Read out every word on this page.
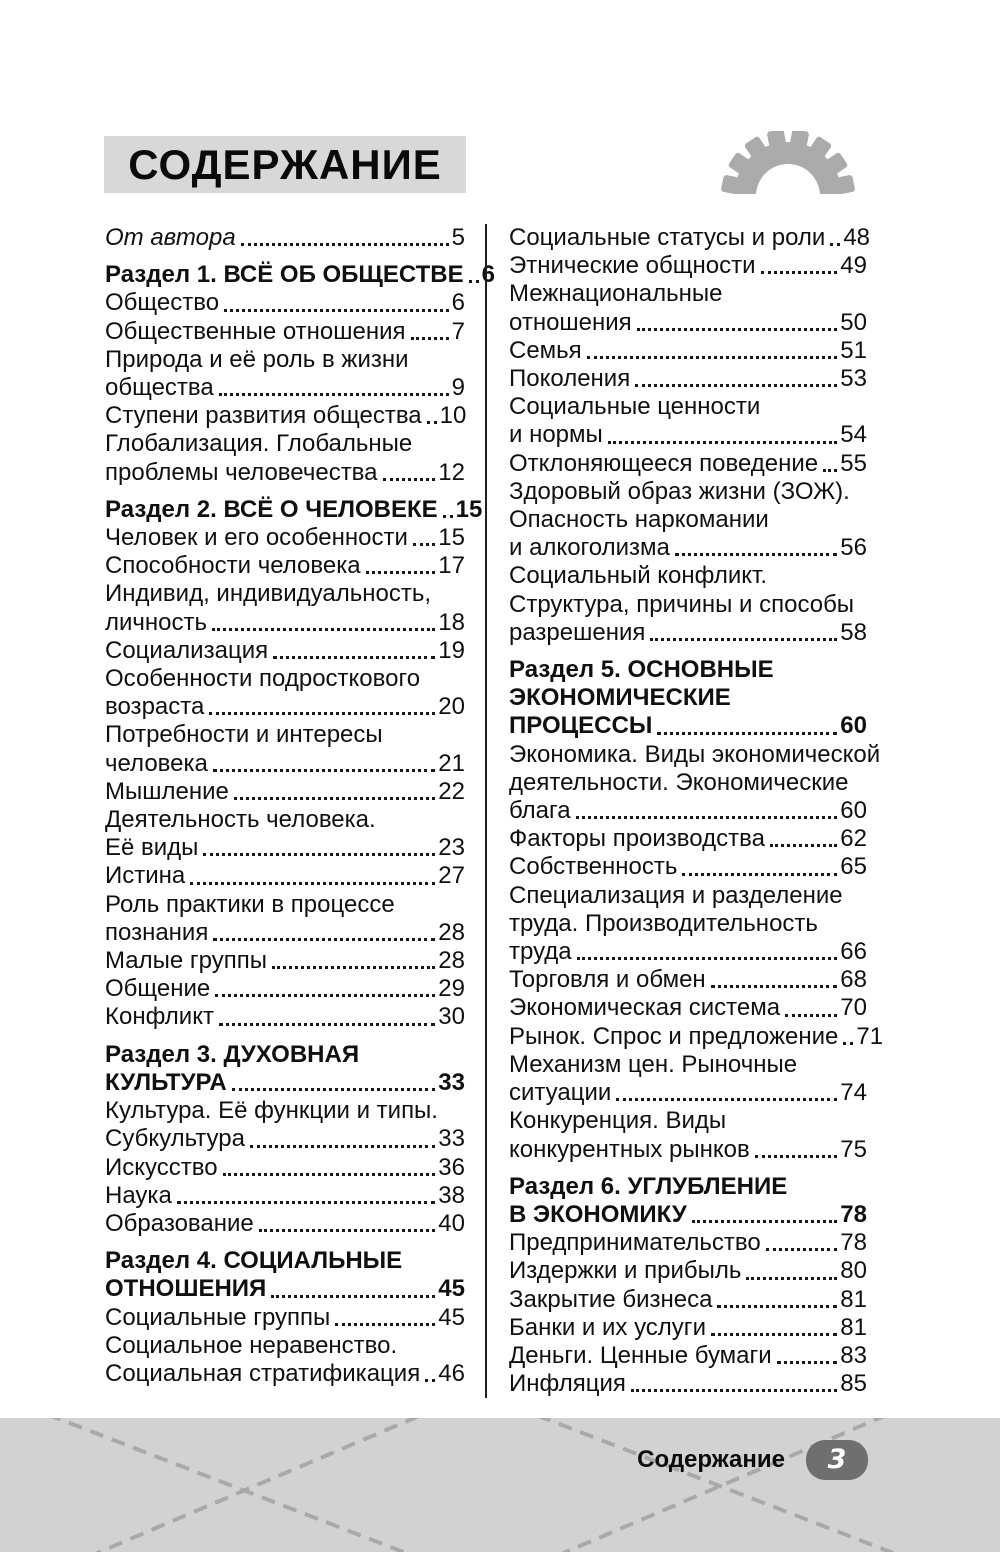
СОДЕРЖАНИЕ
От автора	5
Раздел 1. ВСЁ ОБ ОБЩЕСТВЕ 6
Общество	6
Общественные отношения 7
Природа и её роль в жизни
общества	9
Ступени развития общества 10
Глобализация. Глобальные
проблемы человечества	12
Раздел 2. ВСЁ О ЧЕЛОВЕКЕ 15
Человек и его особенности 15
Способности человека	17
Индивид, индивидуальность,
личность	18
Социализация	19
Особенности подросткового
возраста	20
Потребности и интересы
человека	21
Мышление	22
Деятельность человека.
Её виды	23
Истина	27
Роль практики в процессе
познания	28
Малые группы	28
Общение	29
Конфликт	30
Раздел 3. ДУХОВНАЯ
КУЛЬТУРА	33
Культура. Её функции и типы.
Субкультура	33
Искусство	36
Наука	38
Образование	40
Раздел 4. СОЦИАЛЬНЫЕ
ОТНОШЕНИЯ	45
Социальные группы	45
Социальное неравенство.
Социальная стратификация 46
Социальные статусы и роли 48
Этнические общности	49
Межнациональные
отношения	50
Семья	51
Поколения	53
Социальные ценности
и нормы	54
Отклоняющееся поведение 55
Здоровый образ жизни (ЗОЖ).
Опасность наркомании
и алкоголизма	56
Социальный конфликт.
Структура, причины и способы
разрешения	58
Раздел 5. ОСНОВНЫЕ
ЭКОНОМИЧЕСКИЕ
ПРОЦЕССЫ	60
Экономика. Виды экономической
деятельности. Экономические
блага	60
Факторы производства	62
Собственность	65
Специализация и разделение
труда. Производительность
труда	66
Торговля и обмен	68
Экономическая система	70
Рынок. Спрос и предложение 71
Механизм цен. Рыночные
ситуации	74
Конкуренция. Виды
конкурентных рынков	75
Раздел 6. УГЛУБЛЕНИЕ
В ЭКОНОМИКУ	78
Предпринимательство	78
Издержки и прибыль	80
Закрытие бизнеса	81
Банки и их услуги	81
Деньги. Ценные бумаги	83
Инфляция	85
Содержание	3
